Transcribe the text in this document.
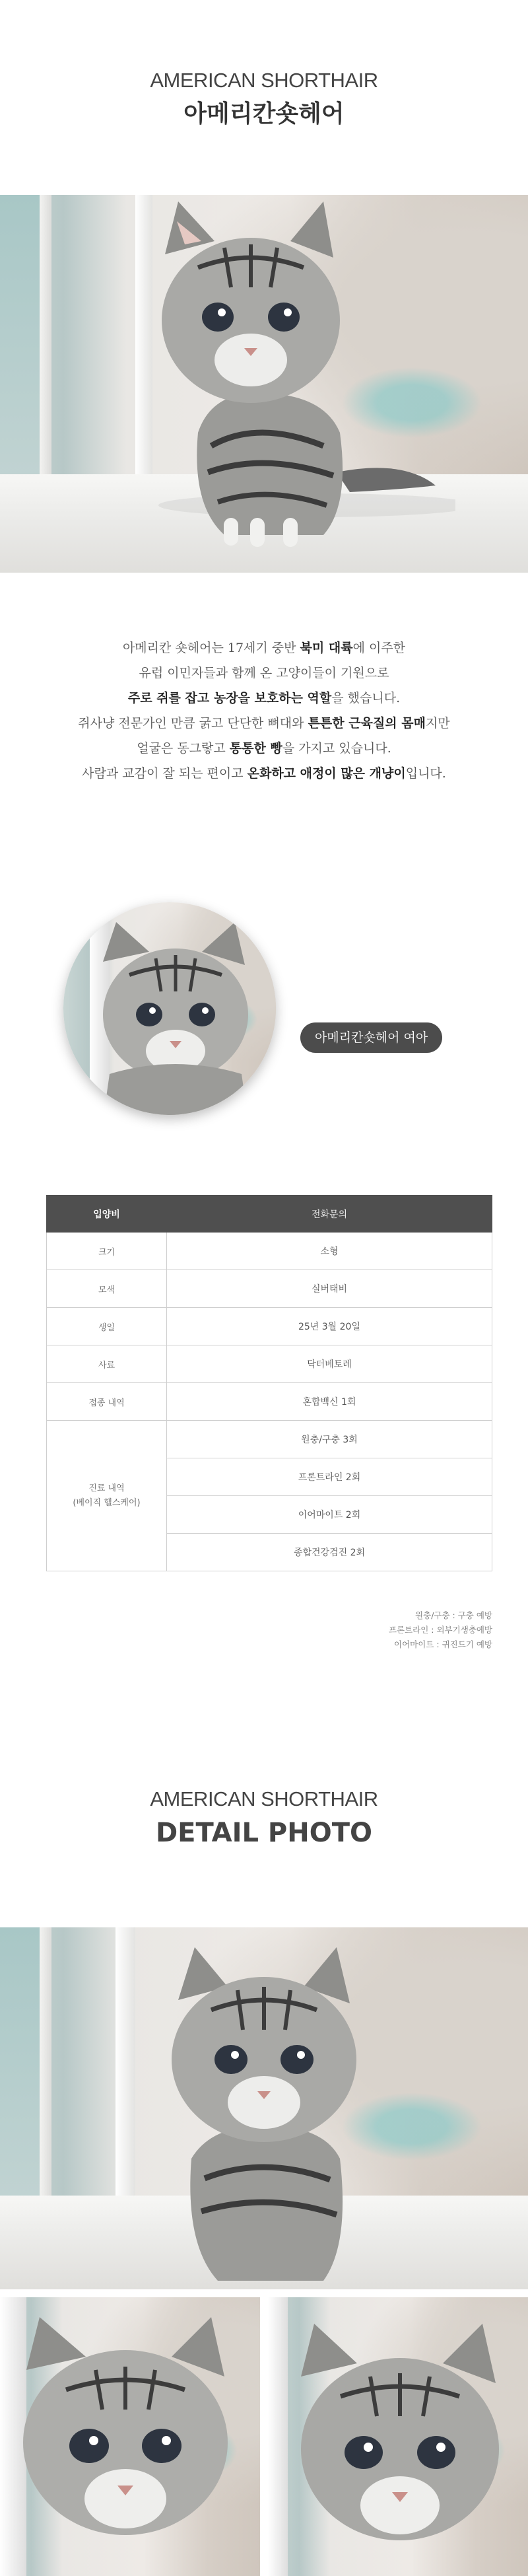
AMERICAN SHORTHAIR
아메리칸숏헤어
아메리칸 숏헤어는 17세기 중반 북미 대륙에 이주한
유럽 이민자들과 함께 온 고양이들이 기원으로
주로 쥐를 잡고 농장을 보호하는 역할을 했습니다.
쥐사냥 전문가인 만큼 굵고 단단한 뼈대와 튼튼한 근육질의 몸매지만
얼굴은 동그랗고 통통한 빵을 가지고 있습니다.
사람과 교감이 잘 되는 편이고 온화하고 애정이 많은 개냥이입니다.
아메리칸숏헤어 여아
입양비	전화문의
크기	소형
모색	실버태비
생일	25년 3월 20일
사료	닥터베토레
접종 내역	혼합백신 1회

진료 내역
(베이직 헬스케어)	원충/구충 3회
	프론트라인 2회
	이어마이트 2회
	종합건강검진 2회
원충/구충 : 구충 예방
프론트라인 : 외부기생충예방
이어마이트 : 귀진드기 예방
AMERICAN SHORTHAIR
DETAIL PHOTO
